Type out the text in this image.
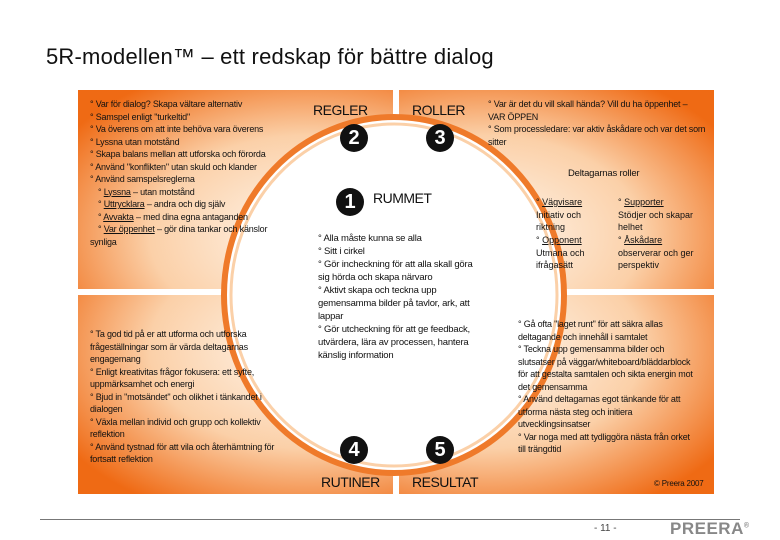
5R-modellen™ – ett redskap för bättre dialog
REGLER	ROLLER
RUMMET
RUTINER RESULTAT
2	3
1
4	5
° Var för dialog? Skapa vältare alternativ
° Samspel enligt "turkeltid"
° Va överens om att inte behöva vara överens
° Lyssna utan motstånd
° Skapa balans mellan att utforska och förorda
° Använd "konflikten" utan skuld och klander
° Använd samspelsreglerna
° Lyssna – utan motstånd
° Uttrycklara – andra och dig själv
° Avvakta – med dina egna antaganden
° Var öppenhet – gör dina tankar och känslor
synliga
° Var är det du vill skall hända? Vill du ha öppenhet –
VAR ÖPPEN
° Som processledare: var aktiv åskådare och var det som
sitter
Deltagarnas roller
° Vägvisare
Initiativ och
riktning
° Opponent
Utmana och
ifrågasätt
° Supporter
Stödjer och skapar
helhet
° Åskådare
observerar och ger
perspektiv
° Alla måste kunna se alla
° Sitt i cirkel
° Gör incheckning för att alla skall göra
sig hörda och skapa närvaro
° Aktivt skapa och teckna upp
gemensamma bilder på tavlor, ark, att
lappar
° Gör utcheckning för att ge feedback,
utvärdera, lära av processen, hantera
känslig information
° Ta god tid på er att utforma och utforska
frågeställningar som är värda deltagarnas
engagemang
° Enligt kreativitas frågor fokusera: ett syfte,
uppmärksamhet och energi
° Bjud in "motsändet" och olikhet i tänkandet i
dialogen
° Växla mellan individ och grupp och kollektiv
reflektion
° Använd tystnad för att vila och återhämtning för
fortsatt reflektion
° Gå ofta "laget runt" för att säkra allas
deltagande och innehåll i samtalet
° Teckna upp gemensamma bilder och
slutsatser på väggar/whiteboard/bläddarblock
för att gestalta samtalen och sikta energin mot
det gemensamma
° Använd deltagarnas egot tänkande för att
utforma nästa steg och initiera
utvecklingsinsatser
° Var noga med att tydliggöra nästa från orket
till trängdtid
© Preera 2007
- 11 -	PREERA®
